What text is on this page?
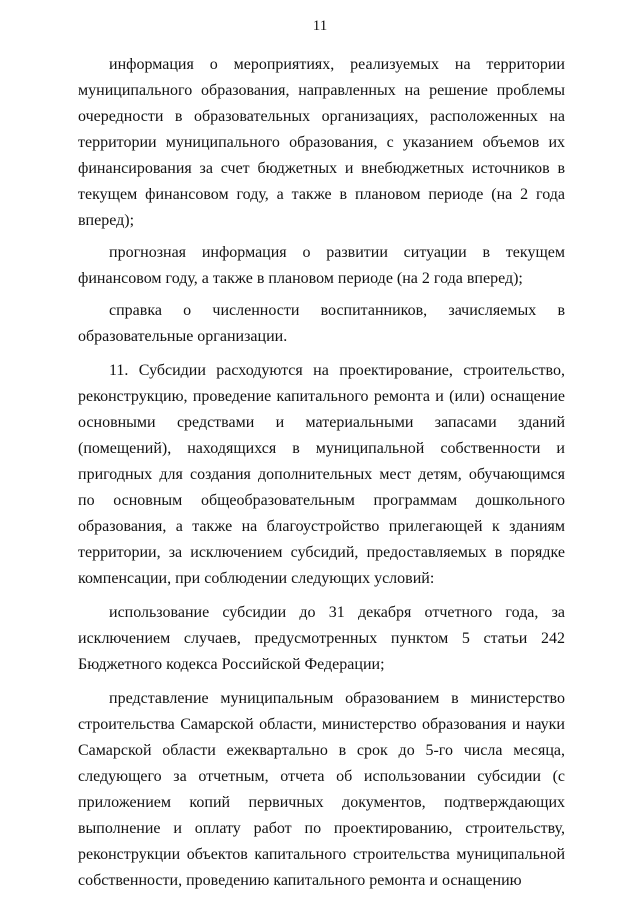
11

информация о мероприятиях, реализуемых на территории муниципального образования, направленных на решение проблемы очередности в образовательных организациях, расположенных на территории муниципального образования, с указанием объемов их финансирования за счет бюджетных и внебюджетных источников в текущем финансовом году, а также в плановом периоде (на 2 года вперед);

прогнозная информация о развитии ситуации в текущем финансовом году, а также в плановом периоде (на 2 года вперед);

справка о численности воспитанников, зачисляемых в образовательные организации.

11. Субсидии расходуются на проектирование, строительство, реконструкцию, проведение капитального ремонта и (или) оснащение основными средствами и материальными запасами зданий (помещений), находящихся в муниципальной собственности и пригодных для создания дополнительных мест детям, обучающимся по основным общеобразовательным программам дошкольного образования, а также на благоустройство прилегающей к зданиям территории, за исключением субсидий, предоставляемых в порядке компенсации, при соблюдении следующих условий:

использование субсидии до 31 декабря отчетного года, за исключением случаев, предусмотренных пунктом 5 статьи 242 Бюджетного кодекса Российской Федерации;

представление муниципальным образованием в министерство строительства Самарской области, министерство образования и науки Самарской области ежеквартально в срок до 5-го числа месяца, следующего за отчетным, отчета об использовании субсидии (с приложением копий первичных документов, подтверждающих выполнение и оплату работ по проектированию, строительству, реконструкции объектов капитального строительства муниципальной собственности, проведению капитального ремонта и оснащению
